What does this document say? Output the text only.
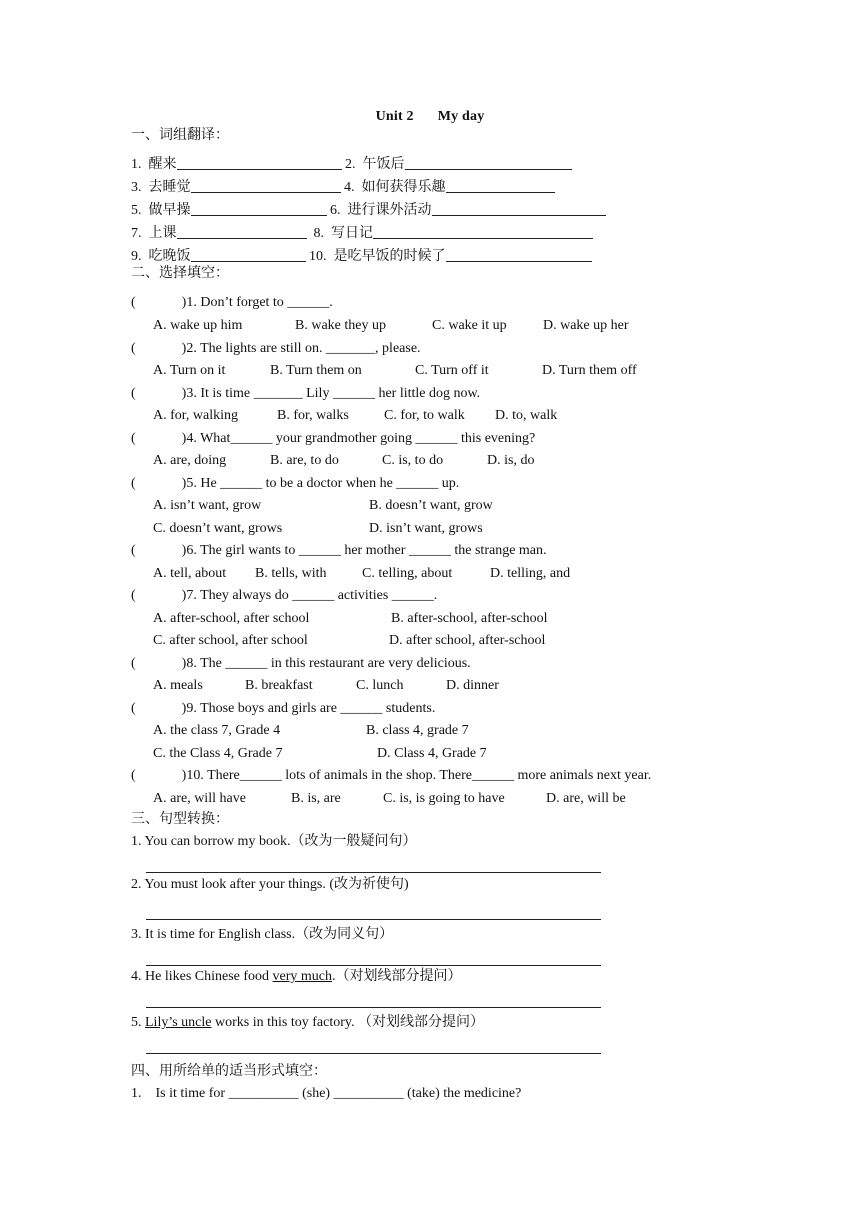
Unit 2 My day
一、词组翻译：
1. 醒来	2. 午饭后
3. 去睡觉	4. 如何获得乐趣
5. 做早操	6. 进行课外活动
7. 上课	8. 写日记
9. 吃晚饭	10. 是吃早饭的时候了
二、选择填空：
(	)1. Don’t forget to ______.
A. wake up him	B. wake they up	C. wake it up	D. wake up her
(	)2. The lights are still on. _______, please.
A. Turn on it	B. Turn them on	C. Turn off it	D. Turn them off
(	)3. It is time _______ Lily ______ her little dog now.
A. for, walking	B. for, walks	C. for, to walk D. to, walk
(	)4. What______ your grandmother going ______ this evening?
A. are, doing	B. are, to do	C. is, to do	D. is, do
(	)5. He ______ to be a doctor when he ______ up.
A. isn’t want, grow	B. doesn’t want, grow
C. doesn’t want, grows	D. isn’t want, grows
(	)6. The girl wants to ______ her mother ______ the strange man.
A. tell, about B. tells, with	C. telling, about	D. telling, and
(	)7. They always do ______ activities ______.
A. after-school, after school	B. after-school, after-school
C. after school, after school	D. after school, after-school
(	)8. The ______ in this restaurant are very delicious.
A. meals	B. breakfast	C. lunch	D. dinner
(	)9. Those boys and girls are ______ students.
A. the class 7, Grade 4	B. class 4, grade 7
C. the Class 4, Grade 7	D. Class 4, Grade 7
(	)10. There______ lots of animals in the shop. There______ more animals next year.
A. are, will have	B. is, are	C. is, is going to have	D. are, will be
三、句型转换：
1. You can borrow my book.（改为一般疑问句）
2. You must look after your things. (改为祈使句)
3. It is time for English class.（改为同义句）
4. He likes Chinese food very much.（对划线部分提问）
5. Lily’s uncle works in this toy factory. （对划线部分提问）
四、用所给单的适当形式填空：
1.    Is it time for __________ (she) __________ (take) the medicine?
